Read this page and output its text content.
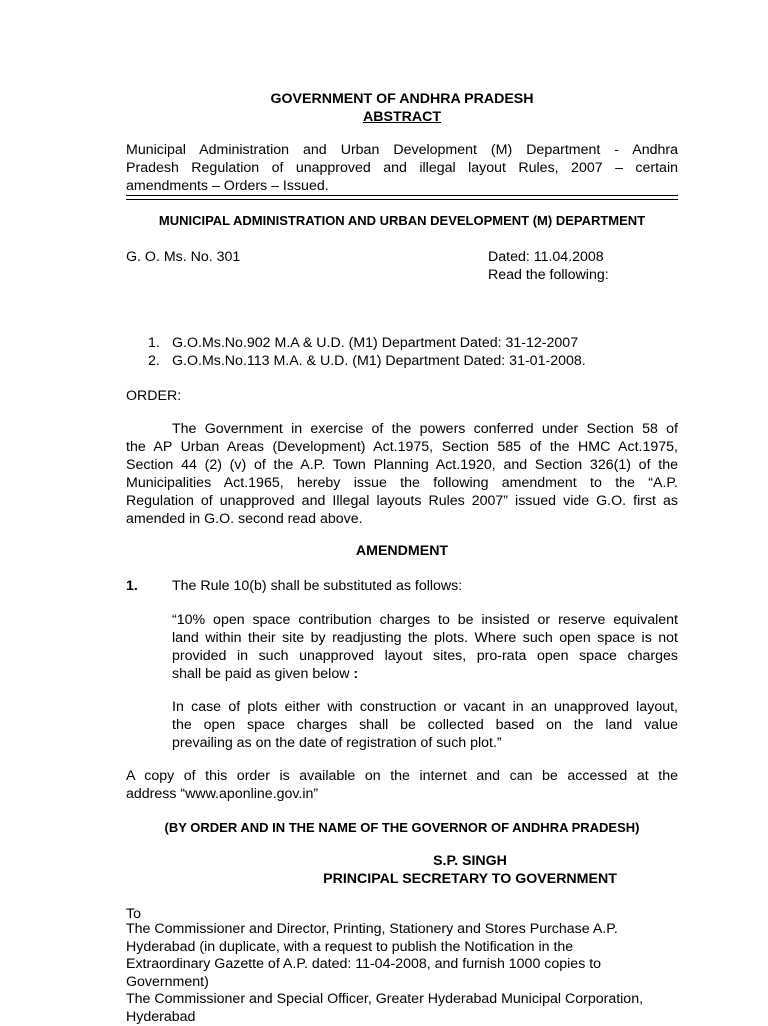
GOVERNMENT OF ANDHRA PRADESH
ABSTRACT
Municipal Administration and Urban Development (M) Department - Andhra
Pradesh Regulation of unapproved and illegal layout Rules, 2007 – certain
amendments – Orders – Issued.
MUNICIPAL ADMINISTRATION AND URBAN DEVELOPMENT (M) DEPARTMENT
G. O. Ms. No. 301	Dated: 11.04.2008
Read the following:
1. G.O.Ms.No.902 M.A & U.D. (M1) Department Dated: 31-12-2007
2. G.O.Ms.No.113 M.A. & U.D. (M1) Department Dated: 31-01-2008.
ORDER:
The Government in exercise of the powers conferred under Section 58 of
the AP Urban Areas (Development) Act.1975, Section 585 of the HMC Act.1975,
Section 44 (2) (v) of the A.P. Town Planning Act.1920, and Section 326(1) of the
Municipalities Act.1965, hereby issue the following amendment to the “A.P.
Regulation of unapproved and Illegal layouts Rules 2007” issued vide G.O. first as
amended in G.O. second read above.
AMENDMENT
1. The Rule 10(b) shall be substituted as follows:
“10% open space contribution charges to be insisted or reserve equivalent
land within their site by readjusting the plots. Where such open space is not
provided in such unapproved layout sites, pro-rata open space charges
shall be paid as given below :
In case of plots either with construction or vacant in an unapproved layout,
the open space charges shall be collected based on the land value
prevailing as on the date of registration of such plot.”
A copy of this order is available on the internet and can be accessed at the
address “www.aponline.gov.in”
(BY ORDER AND IN THE NAME OF THE GOVERNOR OF ANDHRA PRADESH)
S.P. SINGH
PRINCIPAL SECRETARY TO GOVERNMENT
To
The Commissioner and Director, Printing, Stationery and Stores Purchase A.P.
Hyderabad (in duplicate, with a request to publish the Notification in the
Extraordinary Gazette of A.P. dated: 11-04-2008, and furnish 1000 copies to
Government)
The Commissioner and Special Officer, Greater Hyderabad Municipal Corporation,
Hyderabad
